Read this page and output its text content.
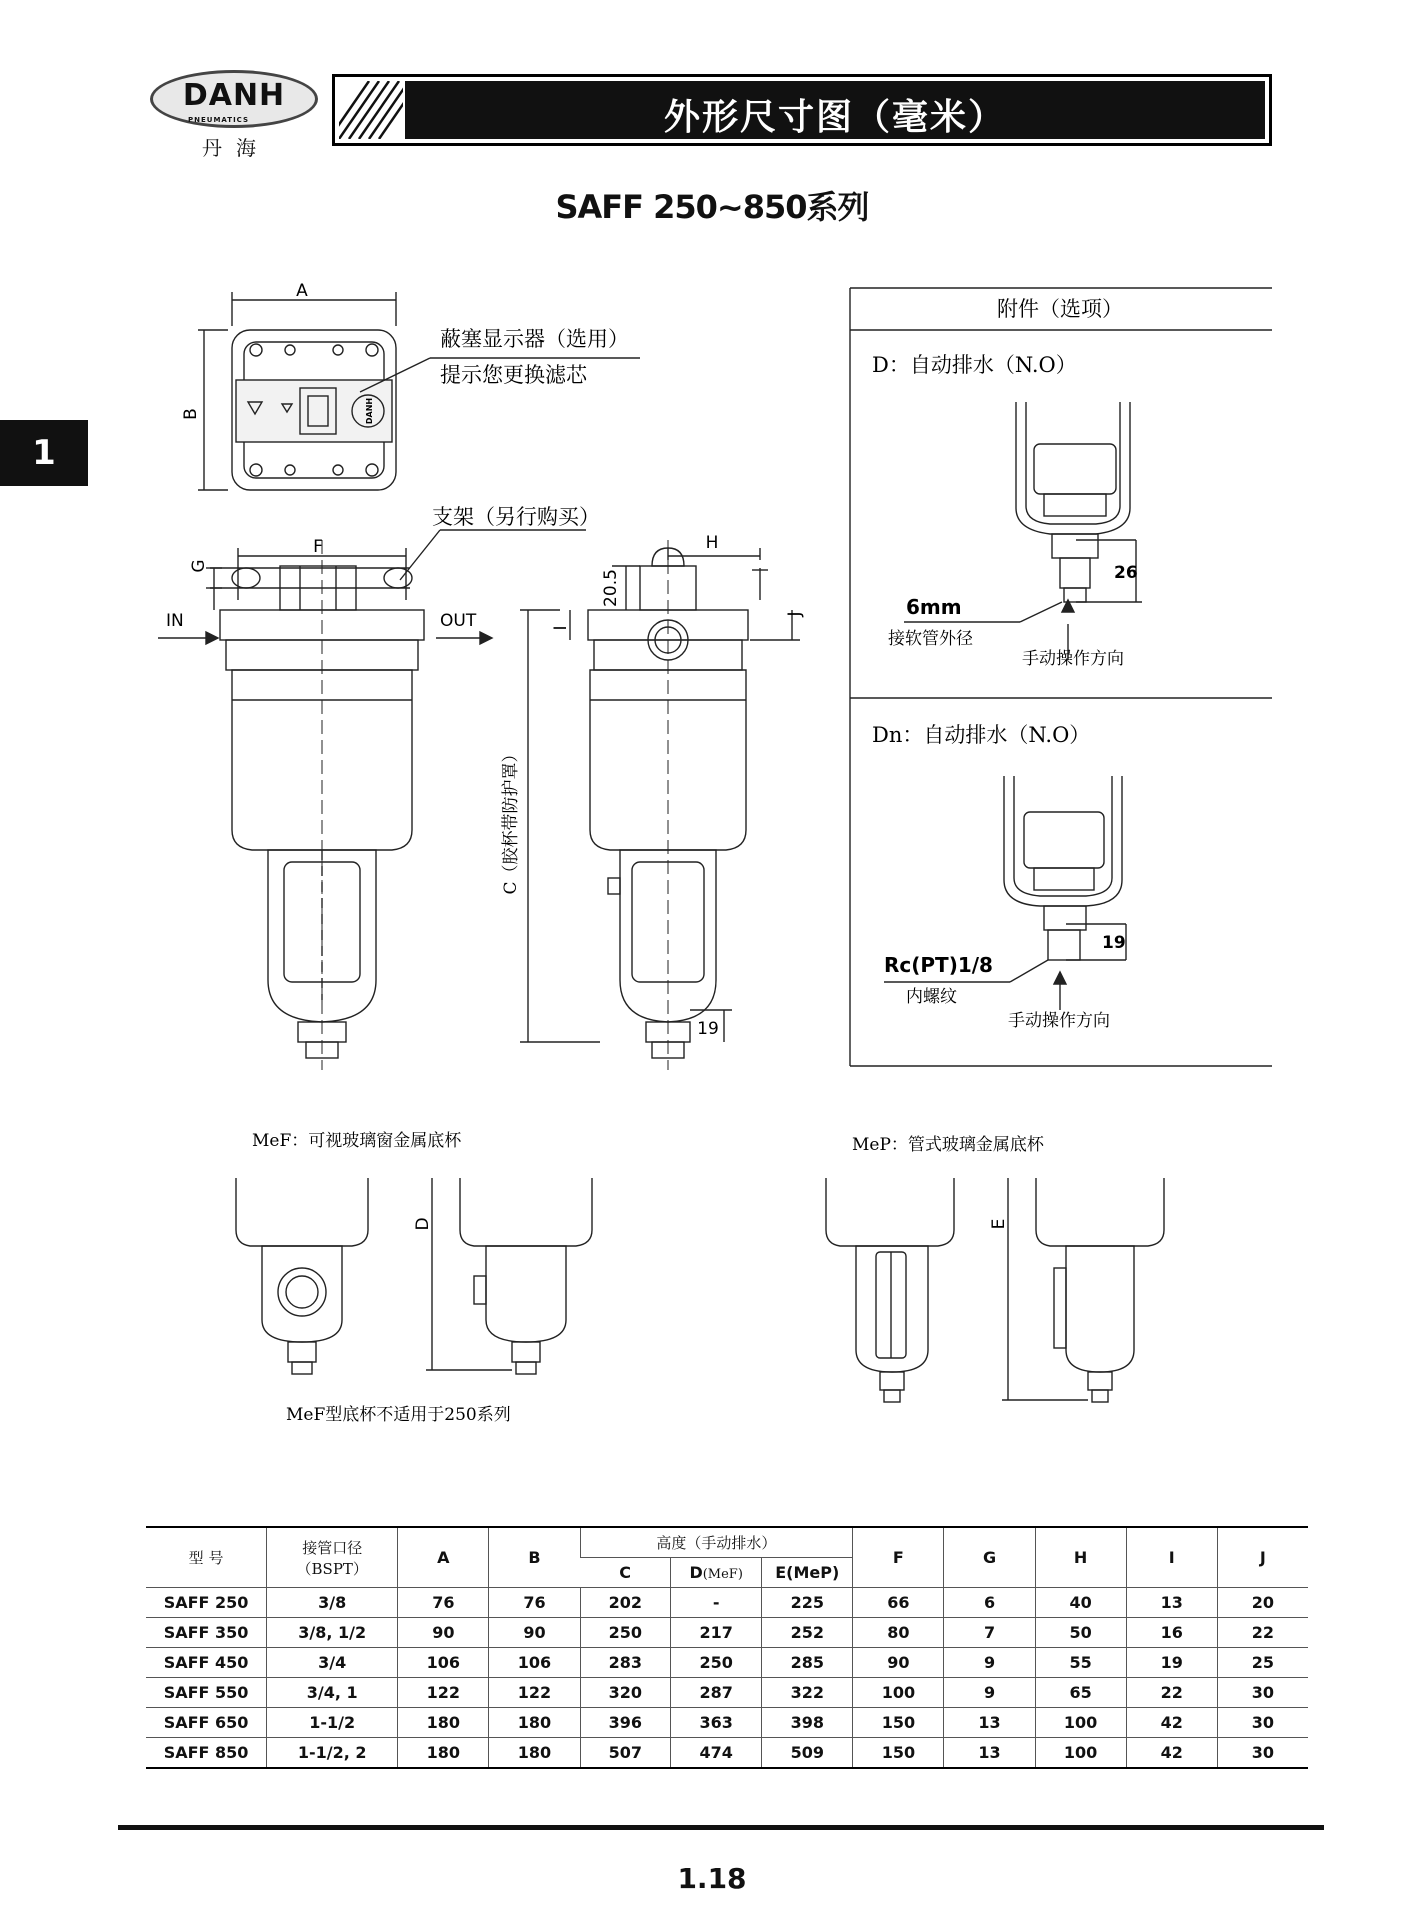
DANH
PNEUMATICS
丹海
外形尺寸图（毫米）
SAFF 250~850系列
1
A
B
蔽塞显示器（选用）
提示您更换滤芯
支架（另行购买）
F
G
IN	OUT
C（胶杯带防护罩）
H
20.5
J
I
19
DANH
附件（选项）
D：自动排水（N.O）
26
6mm
接软管外径
手动操作方向
Dn：自动排水（N.O）
19
Rc(PT)1/8
内螺纹
手动操作方向
MeF：可视玻璃窗金属底杯
D
MeF型底杯不适用于250系列
MeP：管式玻璃金属底杯
E
型 号	接管口径
（BSPT）	A	B	高度（手动排水）			F	G	H	I	J
				C	D(MeF)	E(MeP)					
SAFF 250	3/8	76	76	202	-	225	66	6	40	13	20
SAFF 350	3/8, 1/2	90	90	250	217	252	80	7	50	16	22
SAFF 450	3/4	106	106	283	250	285	90	9	55	19	25
SAFF 550	3/4, 1	122	122	320	287	322	100	9	65	22	30
SAFF 650	1-1/2	180	180	396	363	398	150	13	100	42	30
SAFF 850	1-1/2, 2	180	180	507	474	509	150	13	100	42	30
1.18
